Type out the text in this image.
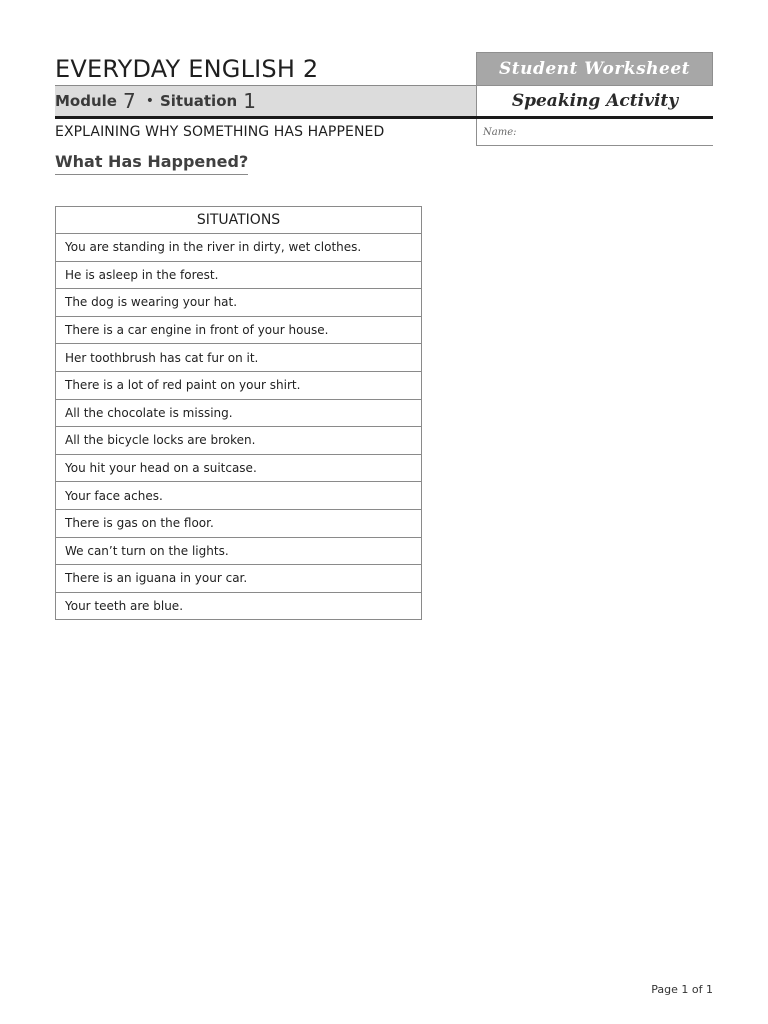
EVERYDAY ENGLISH 2
Module 7 • Situation 1
EXPLAINING WHY SOMETHING HAS HAPPENED
What Has Happened?
Student Worksheet
Speaking Activity
Name:
SITUATIONS
You are standing in the river in dirty, wet clothes.
He is asleep in the forest.
The dog is wearing your hat.
There is a car engine in front of your house.
Her toothbrush has cat fur on it.
There is a lot of red paint on your shirt.
All the chocolate is missing.
All the bicycle locks are broken.
You hit your head on a suitcase.
Your face aches.
There is gas on the floor.
We can’t turn on the lights.
There is an iguana in your car.
Your teeth are blue.
Page 1 of 1
